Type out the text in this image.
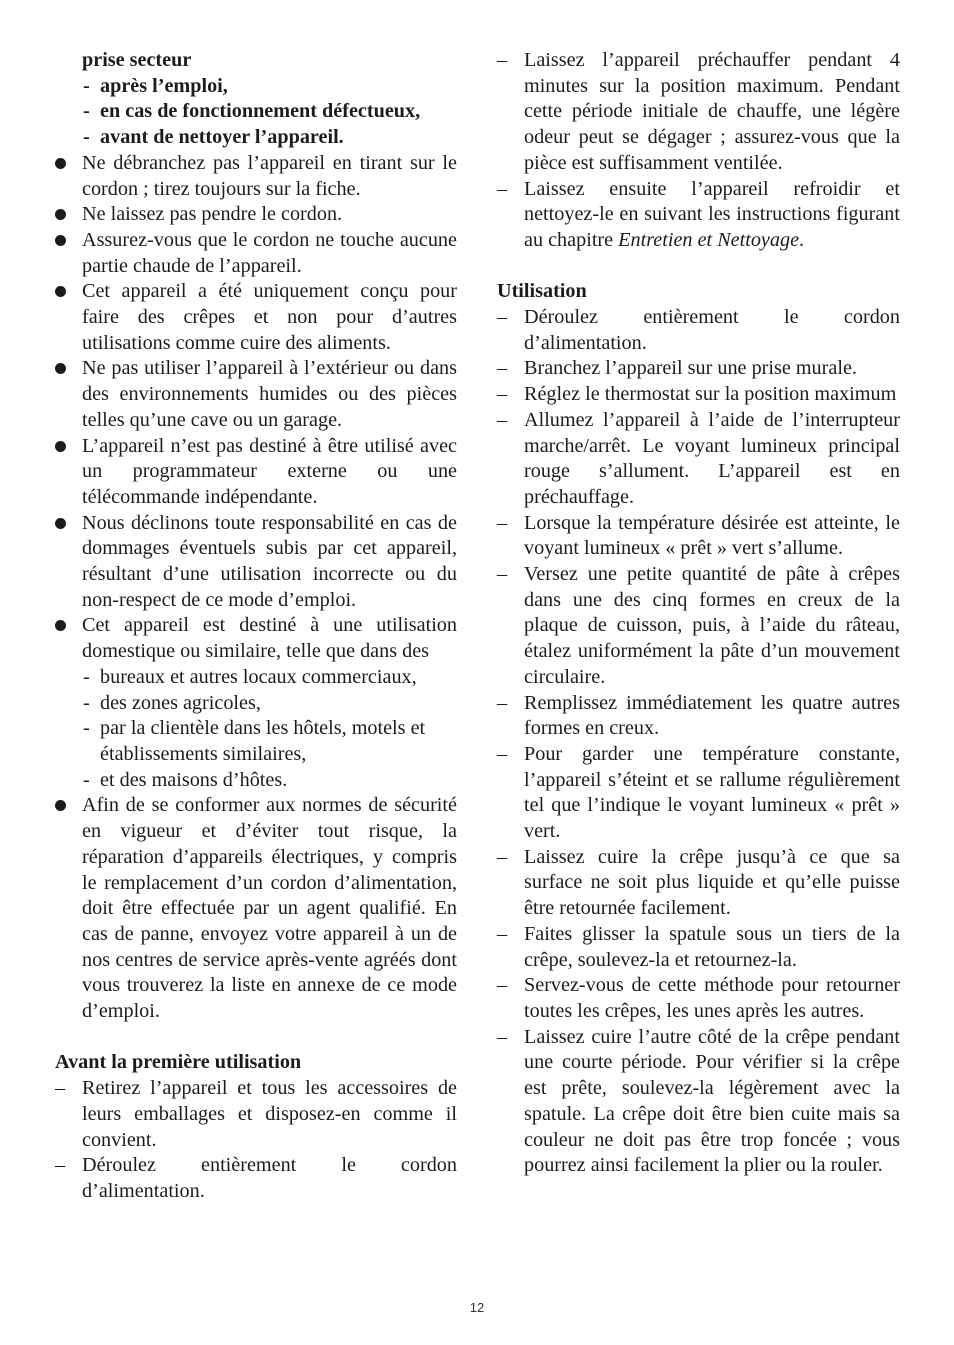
prise secteur
- après l’emploi,
- en cas de fonctionnement défectueux,
- avant de nettoyer l’appareil.
Ne débranchez pas l’appareil en tirant sur le cordon ; tirez toujours sur la fiche.
Ne laissez pas pendre le cordon.
Assurez-vous que le cordon ne touche aucune partie chaude de l’appareil.
Cet appareil a été uniquement conçu pour faire des crêpes et non pour d’autres utilisations comme cuire des aliments.
Ne pas utiliser l’appareil à l’extérieur ou dans des environnements humides ou des pièces telles qu’une cave ou un garage.
L’appareil n’est pas destiné à être utilisé avec un programmateur externe ou une télécommande indépendante.
Nous déclinons toute responsabilité en cas de dommages éventuels subis par cet appareil, résultant d’une utilisation incorrecte ou du non-respect de ce mode d’emploi.
Cet appareil est destiné à une utilisation domestique ou similaire, telle que dans des
- bureaux et autres locaux commerciaux,
- des zones agricoles,
- par la clientèle dans les hôtels, motels et établissements similaires,
- et des maisons d’hôtes.
Afin de se conformer aux normes de sécurité en vigueur et d’éviter tout risque, la réparation d’appareils électriques, y compris le remplacement d’un cordon d’alimentation, doit être effectuée par un agent qualifié. En cas de panne, envoyez votre appareil à un de nos centres de service après-vente agréés dont vous trouverez la liste en annexe de ce mode d’emploi.
Avant la première utilisation
– Retirez l’appareil et tous les accessoires de leurs emballages et disposez-en comme il convient.
– Déroulez entièrement le cordon d’alimentation.
– Laissez l’appareil préchauffer pendant 4 minutes sur la position maximum. Pendant cette période initiale de chauffe, une légère odeur peut se dégager ; assurez-vous que la pièce est suffisamment ventilée.
– Laissez ensuite l’appareil refroidir et nettoyez-le en suivant les instructions figurant au chapitre Entretien et Nettoyage.
Utilisation
– Déroulez entièrement le cordon d’alimentation.
– Branchez l’appareil sur une prise murale.
– Réglez le thermostat sur la position maximum
– Allumez l’appareil à l’aide de l’interrupteur marche/arrêt. Le voyant lumineux principal rouge s’allument. L’appareil est en préchauffage.
– Lorsque la température désirée est atteinte, le voyant lumineux « prêt » vert s’allume.
– Versez une petite quantité de pâte à crêpes dans une des cinq formes en creux de la plaque de cuisson, puis, à l’aide du râteau, étalez uniformément la pâte d’un mouvement circulaire.
– Remplissez immédiatement les quatre autres formes en creux.
– Pour garder une température constante, l’appareil s’éteint et se rallume régulièrement tel que l’indique le voyant lumineux « prêt » vert.
– Laissez cuire la crêpe jusqu’à ce que sa surface ne soit plus liquide et qu’elle puisse être retournée facilement.
– Faites glisser la spatule sous un tiers de la crêpe, soulevez-la et retournez-la.
– Servez-vous de cette méthode pour retourner toutes les crêpes, les unes après les autres.
– Laissez cuire l’autre côté de la crêpe pendant une courte période. Pour vérifier si la crêpe est prête, soulevez-la légèrement avec la spatule. La crêpe doit être bien cuite mais sa couleur ne doit pas être trop foncée ; vous pourrez ainsi facilement la plier ou la rouler.
12
